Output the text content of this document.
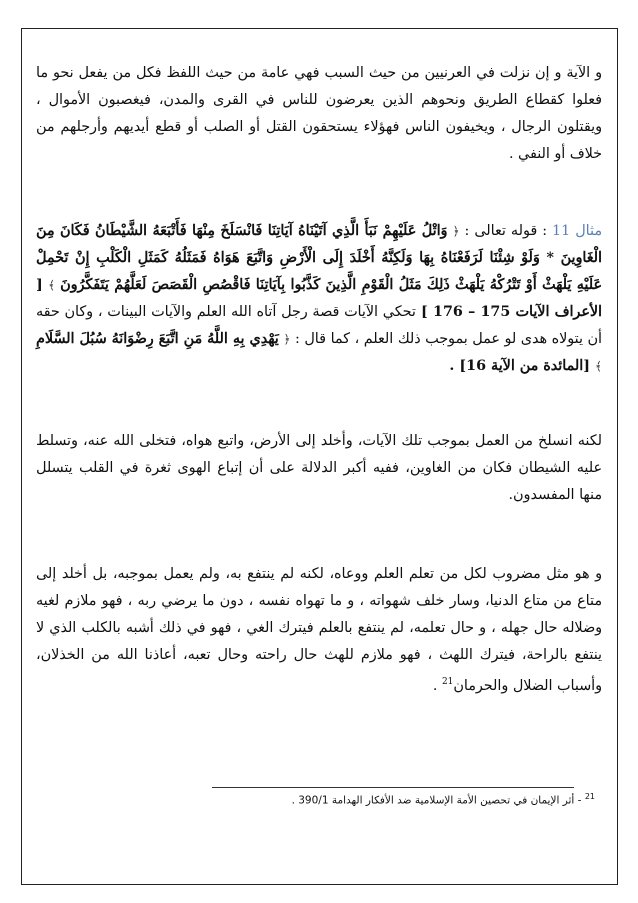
و الآية و إن نزلت في العرنيين من حيث السبب فهي عامة من حيث اللفظ فكل من يفعل نحو ما فعلوا كقطاع الطريق ونحوهم الذين يعرضون للناس في القرى والمدن، فيغصبون الأموال ، ويقتلون الرجال ، ويخيفون الناس فهؤلاء يستحقون القتل أو الصلب أو قطع أيديهم وأرجلهم من خلاف أو النفي .

مثال 11 : قوله تعالى : ﴿ وَاتْلُ عَلَيْهِمْ نَبَأَ الَّذِي آتَيْنَاهُ آيَاتِنَا فَانْسَلَخَ مِنْهَا فَأَتْبَعَهُ الشَّيْطَانُ فَكَانَ مِنَ الْغَاوِينَ * وَلَوْ شِئْنَا لَرَفَعْنَاهُ بِهَا وَلَكِنَّهُ أَخْلَدَ إِلَى الْأَرْضِ وَاتَّبَعَ هَوَاهُ فَمَثَلُهُ كَمَثَلِ الْكَلْبِ إِنْ تَحْمِلْ عَلَيْهِ يَلْهَثْ أَوْ تَتْرُكْهُ يَلْهَثْ ذَلِكَ مَثَلُ الْقَوْمِ الَّذِينَ كَذَّبُوا بِآيَاتِنَا فَاقْصُصِ الْقَصَصَ لَعَلَّهُمْ يَتَفَكَّرُونَ ﴾ [ الأعراف الآيات 175 – 176 ] تحكي الآيات قصة رجل آتاه الله العلم والآيات البينات ، وكان حقه أن يتولاه هدى لو عمل بموجب ذلك العلم ، كما قال : ﴿ يَهْدِي بِهِ اللَّهُ مَنِ اتَّبَعَ رِضْوَانَهُ سُبُلَ السَّلَامِ ﴾ [المائدة من الآية 16] .

لكنه انسلخ من العمل بموجب تلك الآيات، وأخلد إلى الأرض، واتبع هواه، فتخلى الله عنه، وتسلط عليه الشيطان فكان من الغاوين، ففيه أكبر الدلالة على أن إتباع الهوى ثغرة في القلب يتسلل منها المفسدون.

و هو مثل مضروب لكل من تعلم العلم ووعاه، لكنه لم ينتفع به، ولم يعمل بموجبه، بل أخلد إلى متاع من متاع الدنيا، وسار خلف شهواته ، و ما تهواه نفسه ، دون ما يرضي ربه ، فهو ملازم لغيه وضلاله حال جهله ، و حال تعلمه، لم ينتفع بالعلم فيترك الغي ، فهو في ذلك أشبه بالكلب الذي لا ينتفع بالراحة، فيترك اللهث ، فهو ملازم للهث حال راحته وحال تعبه، أعاذنا الله من الخذلان، وأسباب الضلال والحرمان$^{21}$ .

$^{21}$ - أثر الإيمان في تحصين الأمة الإسلامية ضد الأفكار الهدامة 390/1 .
